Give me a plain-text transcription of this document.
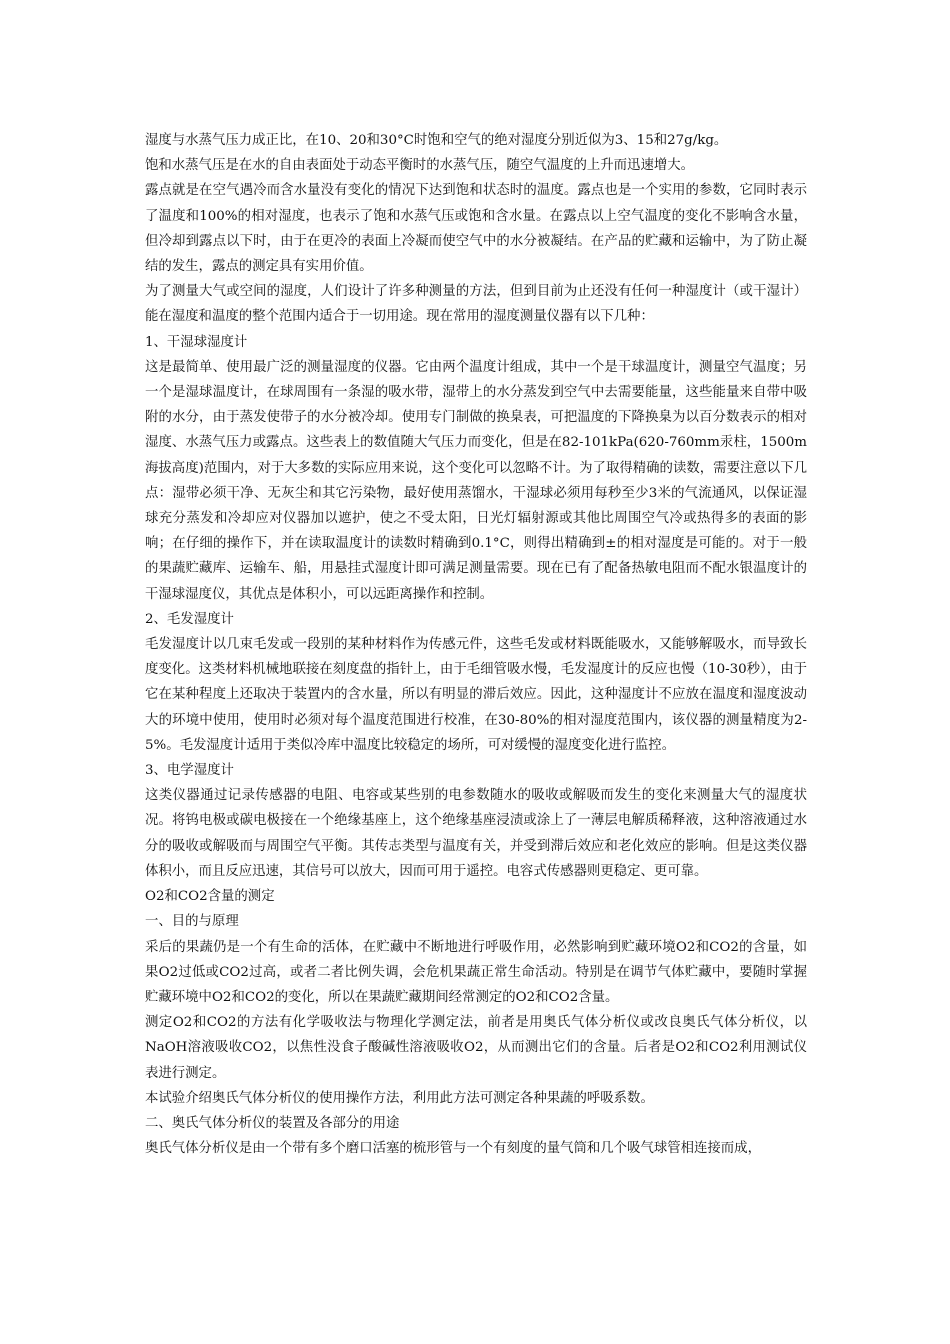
湿度与水蒸气压力成正比，在10、20和30°C时饱和空气的绝对湿度分别近似为3、15和27g/kg。

饱和水蒸气压是在水的自由表面处于动态平衡时的水蒸气压，随空气温度的上升而迅速增大。

露点就是在空气遇冷而含水量没有变化的情况下达到饱和状态时的温度。露点也是一个实用的参数，它同时表示了温度和100%的相对湿度，也表示了饱和水蒸气压或饱和含水量。在露点以上空气温度的变化不影响含水量，但冷却到露点以下时，由于在更冷的表面上冷凝而使空气中的水分被凝结。在产品的贮藏和运输中，为了防止凝结的发生，露点的测定具有实用价值。

为了测量大气或空间的湿度，人们设计了许多种测量的方法，但到目前为止还没有任何一种湿度计（或干湿计）能在湿度和温度的整个范围内适合于一切用途。现在常用的湿度测量仪器有以下几种：

1、干湿球湿度计

这是最简单、使用最广泛的测量湿度的仪器。它由两个温度计组成，其中一个是干球温度计，测量空气温度；另一个是湿球温度计，在球周围有一条湿的吸水带，湿带上的水分蒸发到空气中去需要能量，这些能量来自带中吸附的水分，由于蒸发使带子的水分被冷却。使用专门制做的换臬表，可把温度的下降换臬为以百分数表示的相对湿度、水蒸气压力或露点。这些表上的数值随大气压力而变化，但是在82-101kPa(620-760mm汞柱，1500m海拔高度)范围内，对于大多数的实际应用来说，这个变化可以忽略不计。为了取得精确的读数，需要注意以下几点：湿带必须干净、无灰尘和其它污染物，最好使用蒸馏水，干湿球必须用每秒至少3米的气流通风，以保证湿球充分蒸发和冷却应对仪器加以遮护，使之不受太阳，日光灯辐射源或其他比周围空气冷或热得多的表面的影响；在仔细的操作下，并在读取温度计的读数时精确到0.1°C，则得出精确到±的相对湿度是可能的。对于一般的果蔬贮藏库、运输车、船，用悬挂式湿度计即可满足测量需要。现在已有了配备热敏电阻而不配水银温度计的干湿球湿度仪，其优点是体积小，可以远距离操作和控制。

2、毛发湿度计

毛发湿度计以几束毛发或一段别的某种材料作为传感元件，这些毛发或材料既能吸水，又能够解吸水，而导致长度变化。这类材料机械地联接在刻度盘的指针上，由于毛细管吸水慢，毛发湿度计的反应也慢（10-30秒），由于它在某种程度上还取决于装置内的含水量，所以有明显的滞后效应。因此，这种湿度计不应放在温度和湿度波动大的环境中使用，使用时必须对每个温度范围进行校准，在30-80%的相对湿度范围内，该仪器的测量精度为2-5%。毛发湿度计适用于类似冷库中温度比较稳定的场所，可对缓慢的湿度变化进行监控。

3、电学湿度计

这类仪器通过记录传感器的电阻、电容或某些别的电参数随水的吸收或解吸而发生的变化来测量大气的湿度状况。将钨电极或碳电极接在一个绝缘基座上，这个绝缘基座浸渍或涂上了一薄层电解质稀释液，这种溶液通过水分的吸收或解吸而与周围空气平衡。其传志类型与温度有关，并受到滞后效应和老化效应的影响。但是这类仪器体积小，而且反应迅速，其信号可以放大，因而可用于遥控。电容式传感器则更稳定、更可靠。

O2和CO2含量的测定

一、目的与原理

采后的果蔬仍是一个有生命的活体，在贮藏中不断地进行呼吸作用，必然影响到贮藏环境O2和CO2的含量，如果O2过低或CO2过高，或者二者比例失调，会危机果蔬正常生命活动。特别是在调节气体贮藏中，要随时掌握贮藏环境中O2和CO2的变化，所以在果蔬贮藏期间经常测定的O2和CO2含量。

测定O2和CO2的方法有化学吸收法与物理化学测定法，前者是用奥氏气体分析仪或改良奥氏气体分析仪，以NaOH溶液吸收CO2，以焦性没食子酸碱性溶液吸收O2，从而测出它们的含量。后者是O2和CO2利用测试仪表进行测定。

本试验介绍奥氏气体分析仪的使用操作方法，利用此方法可测定各种果蔬的呼吸系数。

二、奥氏气体分析仪的装置及各部分的用途

奥氏气体分析仪是由一个带有多个磨口活塞的梳形管与一个有刻度的量气筒和几个吸气球管相连接而成，
